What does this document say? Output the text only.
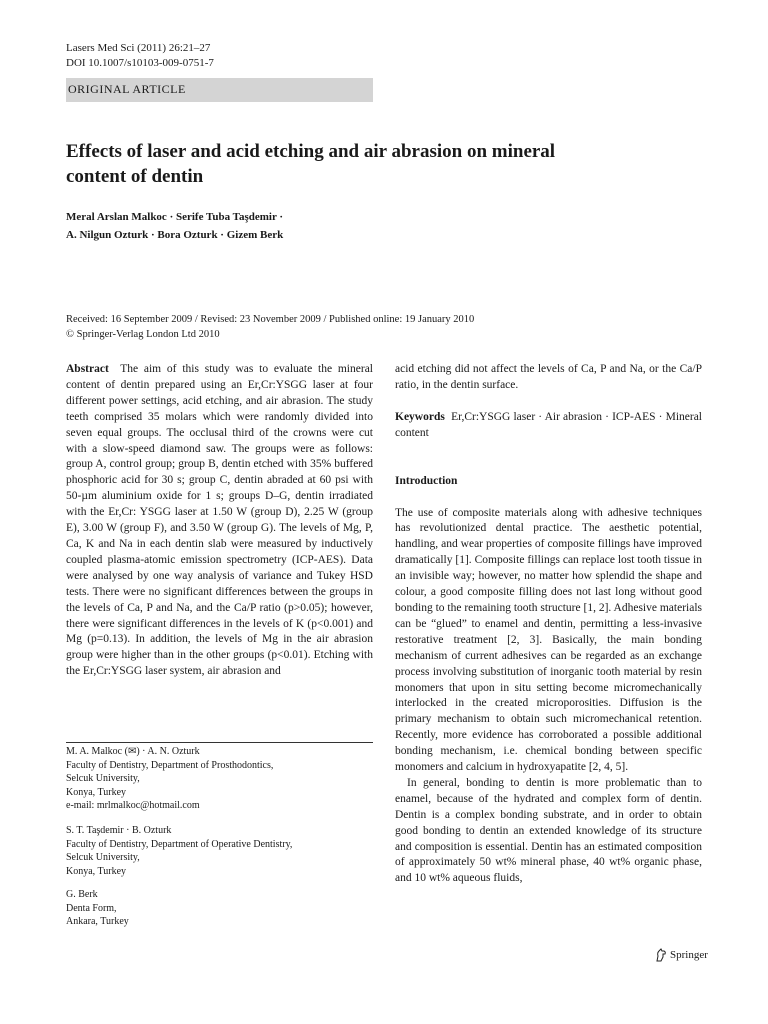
Lasers Med Sci (2011) 26:21–27
DOI 10.1007/s10103-009-0751-7
ORIGINAL ARTICLE
Effects of laser and acid etching and air abrasion on mineral
content of dentin
Meral Arslan Malkoc · Serife Tuba Taşdemir ·
A. Nilgun Ozturk · Bora Ozturk · Gizem Berk
Received: 16 September 2009 / Revised: 23 November 2009 / Published online: 19 January 2010
© Springer-Verlag London Ltd 2010

Abstract The aim of this study was to evaluate the mineral content of dentin prepared using an Er,Cr:YSGG laser at four different power settings, acid etching, and air abrasion. The study teeth comprised 35 molars which were randomly divided into seven equal groups. The occlusal third of the crowns were cut with a slow-speed diamond saw. The groups were as follows: group A, control group; group B, dentin etched with 35% buffered phosphoric acid for 30 s; group C, dentin abraded at 60 psi with 50-µm aluminium oxide for 1 s; groups D–G, dentin irradiated with the Er,Cr: YSGG laser at 1.50 W (group D), 2.25 W (group E), 3.00 W (group F), and 3.50 W (group G). The levels of Mg, P, Ca, K and Na in each dentin slab were measured by inductively coupled plasma-atomic emission spectrometry (ICP-AES). Data were analysed by one way analysis of variance and Tukey HSD tests. There were no significant differences between the groups in the levels of Ca, P and Na, and the Ca/P ratio (p>0.05); however, there were significant differences in the levels of K (p<0.001) and Mg (p=0.13). In addition, the levels of Mg in the air abrasion group were higher than in the other groups (p<0.01). Etching with the Er,Cr:YSGG laser system, air abrasion and

M. A. Malkoc (✉) · A. N. Ozturk

Faculty of Dentistry, Department of Prosthodontics,

Selcuk University,

Konya, Turkey

e-mail: mrlmalkoc@hotmail.com

S. T. Taşdemir · B. Ozturk

Faculty of Dentistry, Department of Operative Dentistry,

Selcuk University,

Konya, Turkey

G. Berk

Denta Form,

Ankara, Turkey

acid etching did not affect the levels of Ca, P and Na, or the Ca/P ratio, in the dentin surface.

Keywords Er,Cr:YSGG laser · Air abrasion · ICP-AES · Mineral content

Introduction

The use of composite materials along with adhesive techniques has revolutionized dental practice. The aesthetic potential, handling, and wear properties of composite fillings have improved dramatically [1]. Composite fillings can replace lost tooth tissue in an invisible way; however, no matter how splendid the shape and colour, a good composite filling does not last long without good bonding to the remaining tooth structure [1, 2]. Adhesive materials can be “glued” to enamel and dentin, permitting a less-invasive restorative treatment [2, 3]. Basically, the main bonding mechanism of current adhesives can be regarded as an exchange process involving substitution of inorganic tooth material by resin monomers that upon in situ setting become micromechanically interlocked in the created microporosities. Diffusion is the primary mechanism to obtain such micromechanical retention. Recently, more evidence has corroborated a possible additional bonding mechanism, i.e. chemical bonding between specific monomers and calcium in hydroxyapatite [2, 4, 5].

In general, bonding to dentin is more problematic than to enamel, because of the hydrated and complex form of dentin. Dentin is a complex bonding substrate, and in order to obtain good bonding to dentin an extended knowledge of its structure and composition is essential. Dentin has an estimated composition of approximately 50 wt% mineral phase, 40 wt% organic phase, and 10 wt% aqueous fluids,

Springer
